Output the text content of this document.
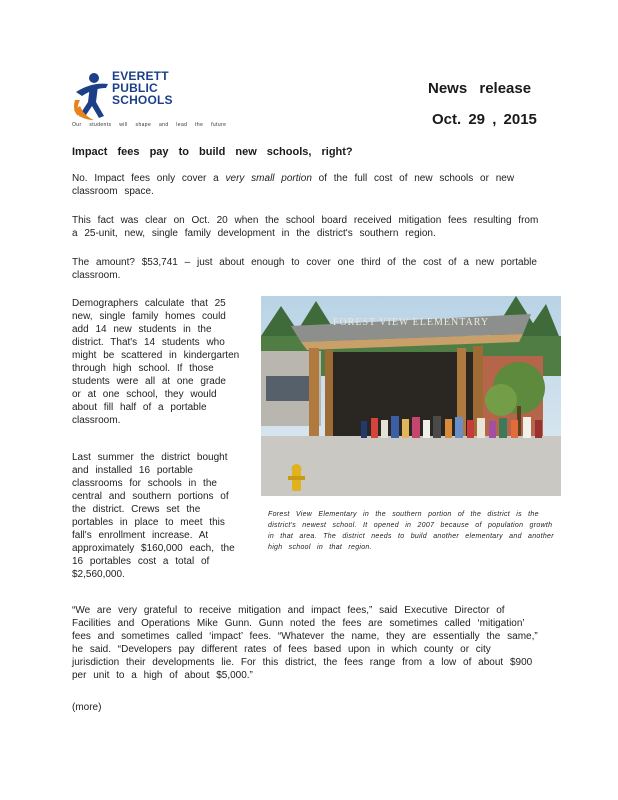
EVERETT
PUBLIC
SCHOOLS
Our students will shape and lead the future
News release
Oct. 29 , 2015
Impact fees pay to build new schools, right?
No. Impact fees only cover a very small portion of the full cost of new schools or new classroom space.
This fact was clear on Oct. 20 when the school board received mitigation fees resulting from a 25-unit, new, single family development in the district's southern region.
The amount? $53,741 – just about enough to cover one third of the cost of a new portable classroom.
Demographers calculate that 25 new, single family homes could add 14 new students in the district. That's 14 students who might be scattered in kindergarten through high school. If those students were all at one grade or at one school, they would about fill half of a portable classroom.
Last summer the district bought and installed 16 portable classrooms for schools in the central and southern portions of the district. Crews set the portables in place to meet this fall's enrollment increase. At approximately $160,000 each, the 16 portables cost a total of $2,560,000.
FOREST VIEW ELEMENTARY
Forest View Elementary in the southern portion of the district is the district's newest school. It opened in 2007 because of population growth in that area. The district needs to build another elementary and another high school in that region.
“We are very grateful to receive mitigation and impact fees,” said Executive Director of Facilities and Operations Mike Gunn. Gunn noted the fees are sometimes called ‘mitigation’ fees and sometimes called ‘impact’ fees. “Whatever the name, they are essentially the same,” he said. “Developers pay different rates of fees based upon in which county or city jurisdiction their developments lie. For this district, the fees range from a low of about $900 per unit to a high of about $5,000.”
(more)
